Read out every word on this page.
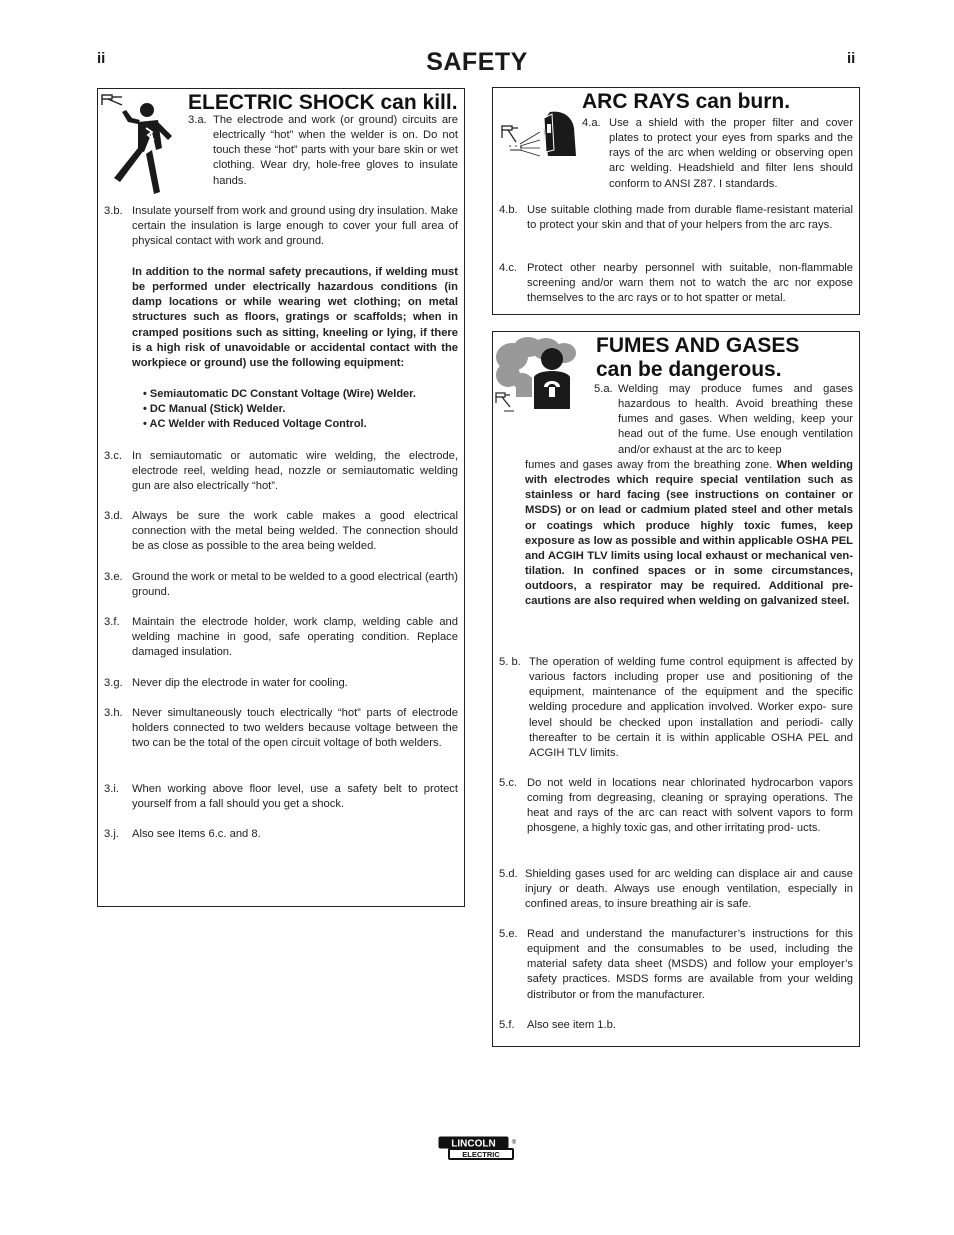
ii	SAFETY	ii
ELECTRIC SHOCK can kill.
3.a. The electrode and work (or ground) circuits are electrically “hot” when the welder is on. Do not touch these “hot” parts with your bare skin or wet clothing. Wear dry, hole-free gloves to insulate hands.
3.b. Insulate yourself from work and ground using dry insulation. Make certain the insulation is large enough to cover your full area of physical contact with work and ground.
In addition to the normal safety precautions, if welding must be performed under electrically hazardous conditions (in damp locations or while wearing wet clothing; on metal structures such as floors, gratings or scaffolds; when in cramped positions such as sitting, kneeling or lying, if there is a high risk of unavoidable or accidental contact with the workpiece or ground) use the following equipment:
• Semiautomatic DC Constant Voltage (Wire) Welder.
• DC Manual (Stick) Welder.
• AC Welder with Reduced Voltage Control.
3.c. In semiautomatic or automatic wire welding, the electrode, electrode reel, welding head, nozzle or semiautomatic welding gun are also electrically “hot”.
3.d. Always be sure the work cable makes a good electrical connection with the metal being welded. The connection should be as close as possible to the area being welded.
3.e. Ground the work or metal to be welded to a good electrical (earth) ground.
3.f.	Maintain the electrode holder, work clamp, welding cable and welding machine in good, safe operating condition. Replace damaged insulation.
3.g. Never dip the electrode in water for cooling.
3.h. Never simultaneously touch electrically “hot” parts of electrode holders connected to two welders because voltage between the two can be the total of the open circuit voltage of both welders.
3.i.	When working above floor level, use a safety belt to protect yourself from a fall should you get a shock.
3.j.	Also see Items 6.c. and 8.
ARC RAYS can burn.
4.a. Use a shield with the proper filter and cover plates to protect your eyes from sparks and the rays of the arc when welding or observing open arc welding. Headshield and filter lens should conform to ANSI Z87. I standards.
4.b. Use suitable clothing made from durable flame-resistant material to protect your skin and that of your helpers from the arc rays.
4.c. Protect other nearby personnel with suitable, non-flammable screening and/or warn them not to watch the arc nor expose themselves to the arc rays or to hot spatter or metal.
FUMES AND GASES
can be dangerous.
5.a. Welding may produce fumes and gases hazardous to health. Avoid breathing these fumes and gases. When welding, keep your head out of the fume. Use enough ventilation and/or exhaust at the arc to keep
fumes and gases away from the breathing zone. When welding with electrodes which require special ventilation such as stainless or hard facing (see instructions on container or MSDS) or on lead or cadmium plated steel and other metals or coatings which produce highly toxic fumes, keep exposure as low as possible and within applicable OSHA PEL and ACGIH TLV limits using local exhaust or mechanical ven- tilation. In confined spaces or in some circumstances, outdoors, a respirator may be required. Additional pre- cautions are also required when welding on galvanized steel.
5. b. The operation of welding fume control equipment is affected by various factors including proper use and positioning of the equipment, maintenance of the equipment and the specific welding procedure and application involved. Worker expo- sure level should be checked upon installation and periodi- cally thereafter to be certain it is within applicable OSHA PEL and ACGIH TLV limits.
5.c. Do not weld in locations near chlorinated hydrocarbon vapors coming from degreasing, cleaning or spraying operations. The heat and rays of the arc can react with solvent vapors to form phosgene, a highly toxic gas, and other irritating prod- ucts.
5.d. Shielding gases used for arc welding can displace air and cause injury or death. Always use enough ventilation, especially in confined areas, to insure breathing air is safe.
5.e. Read and understand the manufacturer’s instructions for this equipment and the consumables to be used, including the material safety data sheet (MSDS) and follow your employer’s safety practices. MSDS forms are available from your welding distributor or from the manufacturer.
5.f.	Also see item 1.b.
LINCOLN
ELECTRIC
®
